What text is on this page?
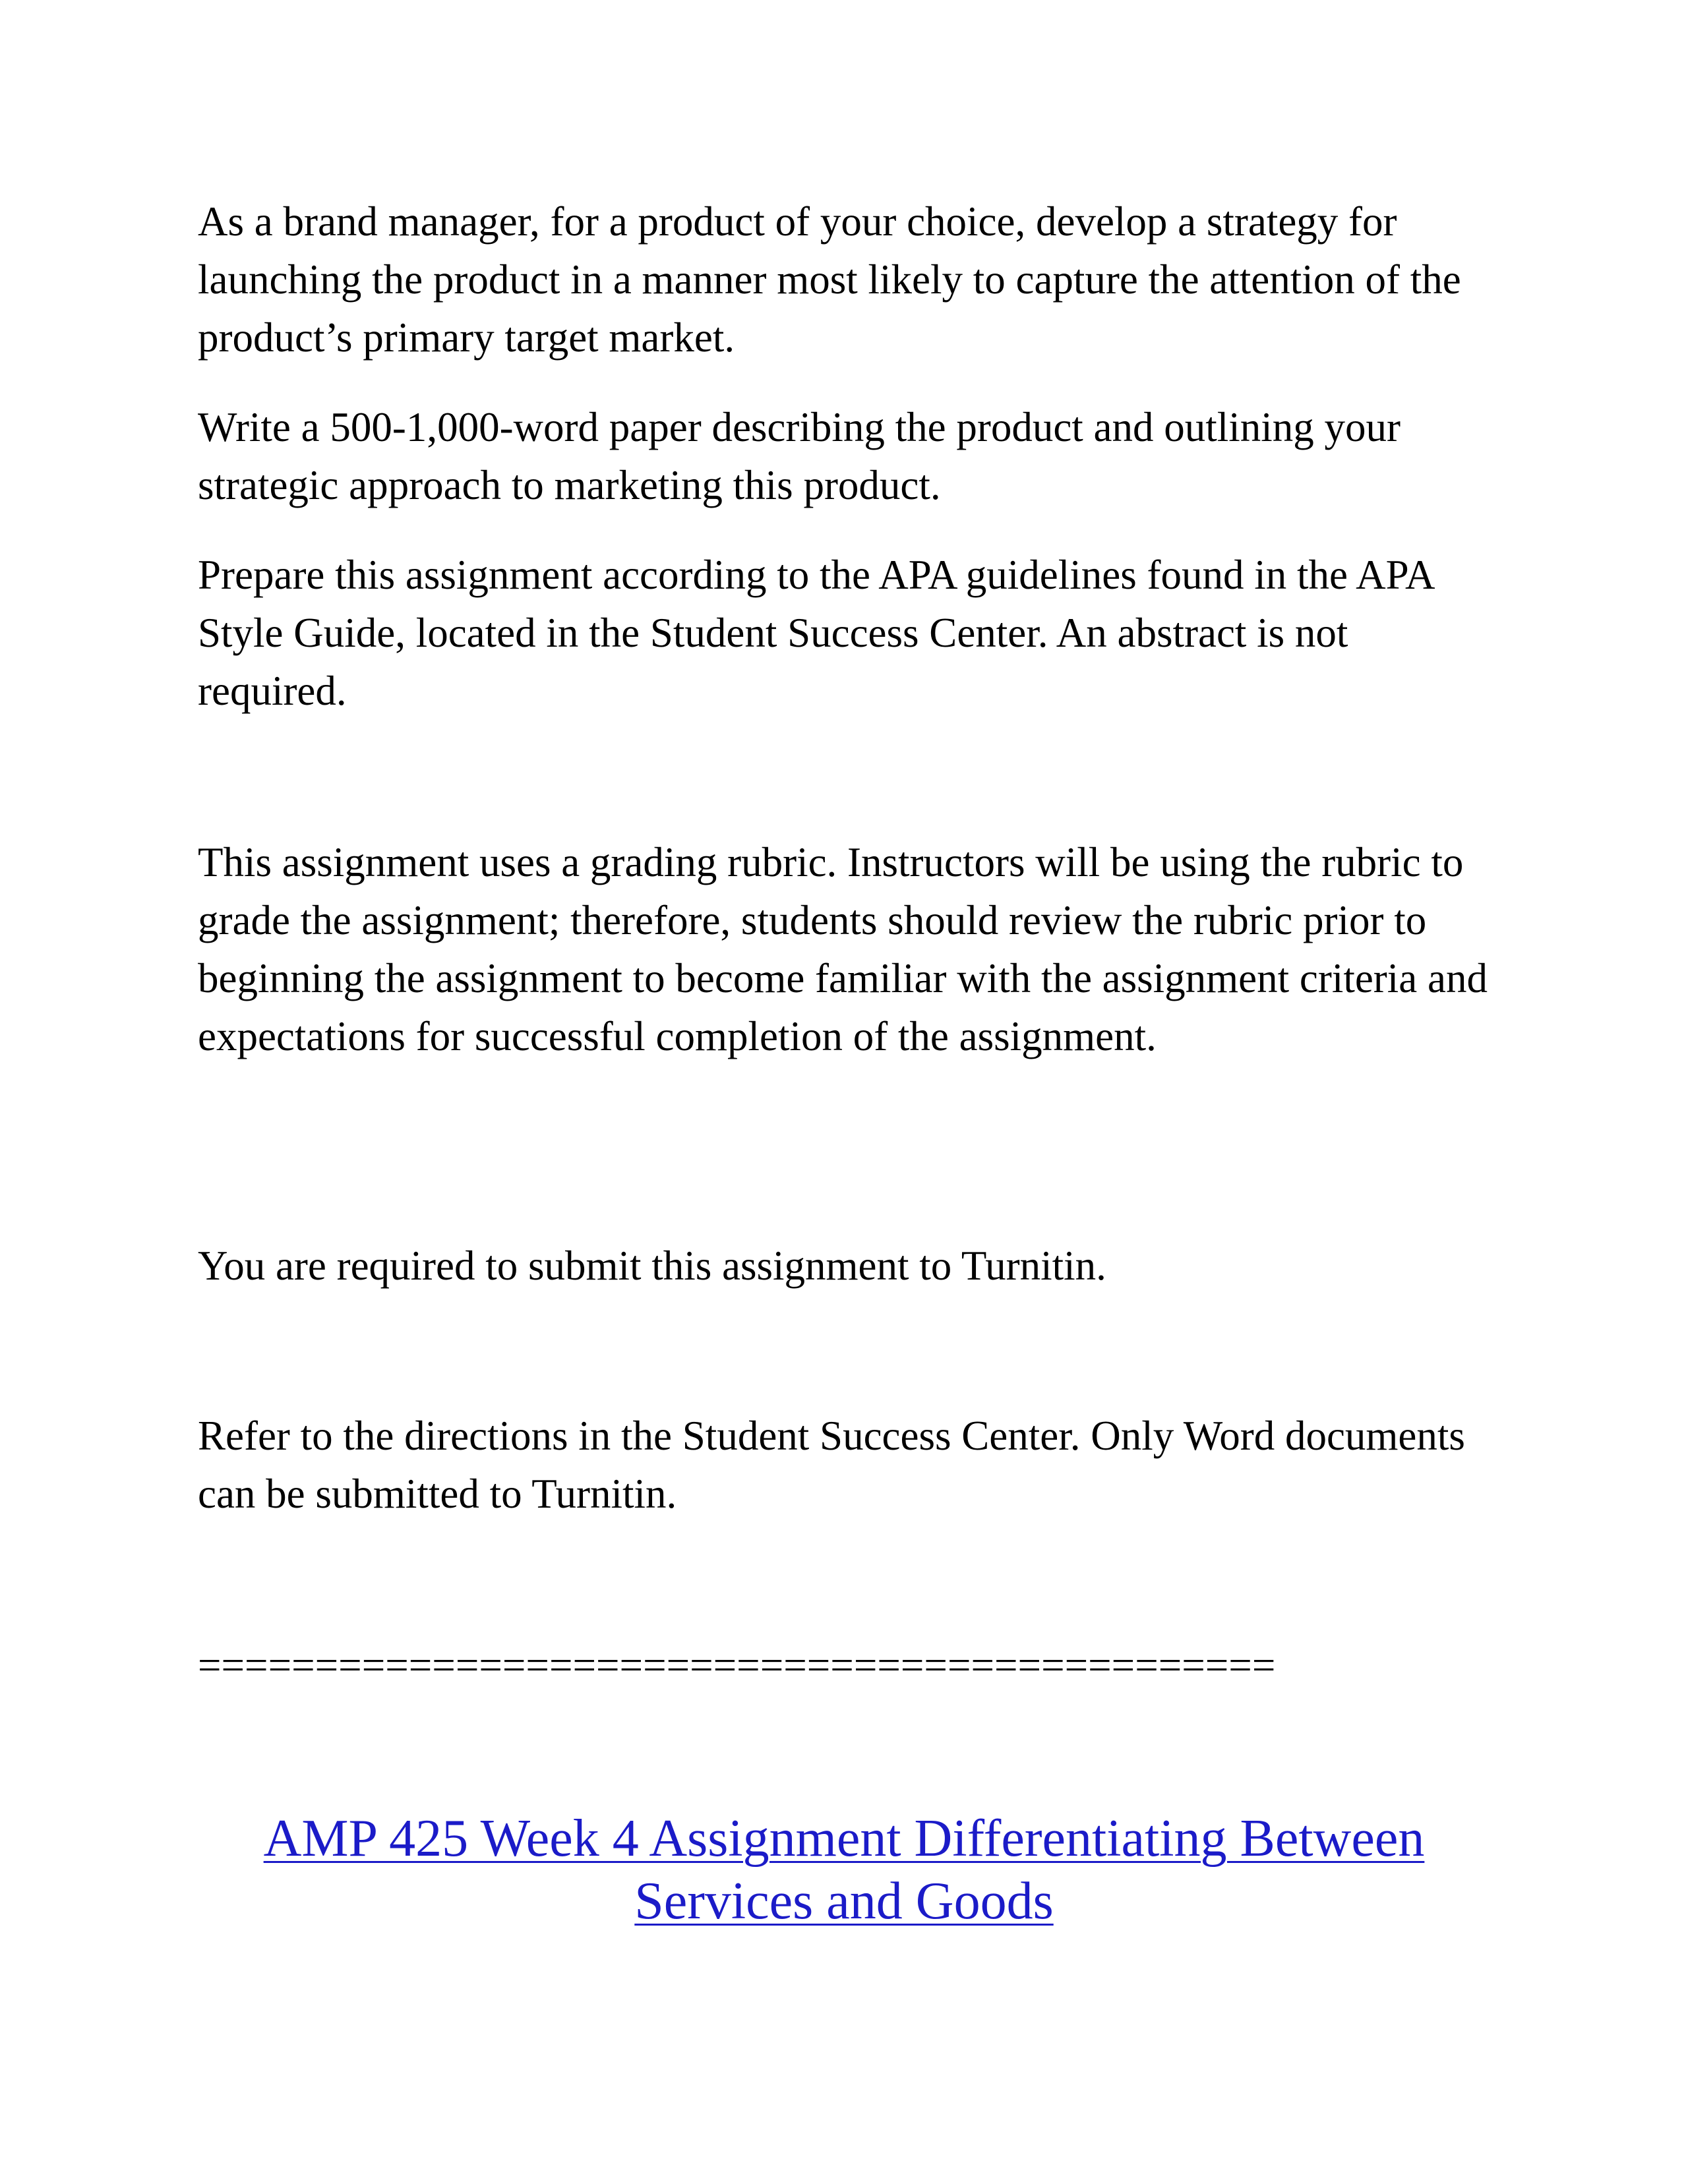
As a brand manager, for a product of your choice, develop a strategy for launching the product in a manner most likely to capture the attention of the product’s primary target market.

Write a 500-1,000-word paper describing the product and outlining your strategic approach to marketing this product.

Prepare this assignment according to the APA guidelines found in the APA Style Guide, located in the Student Success Center. An abstract is not required.

This assignment uses a grading rubric. Instructors will be using the rubric to grade the assignment; therefore, students should review the rubric prior to beginning the assignment to become familiar with the assignment criteria and expectations for successful completion of the assignment.

You are required to submit this assignment to Turnitin.

Refer to the directions in the Student Success Center. Only Word documents can be submitted to Turnitin.

==============================================
AMP 425 Week 4 Assignment Differentiating Between Services and Goods
